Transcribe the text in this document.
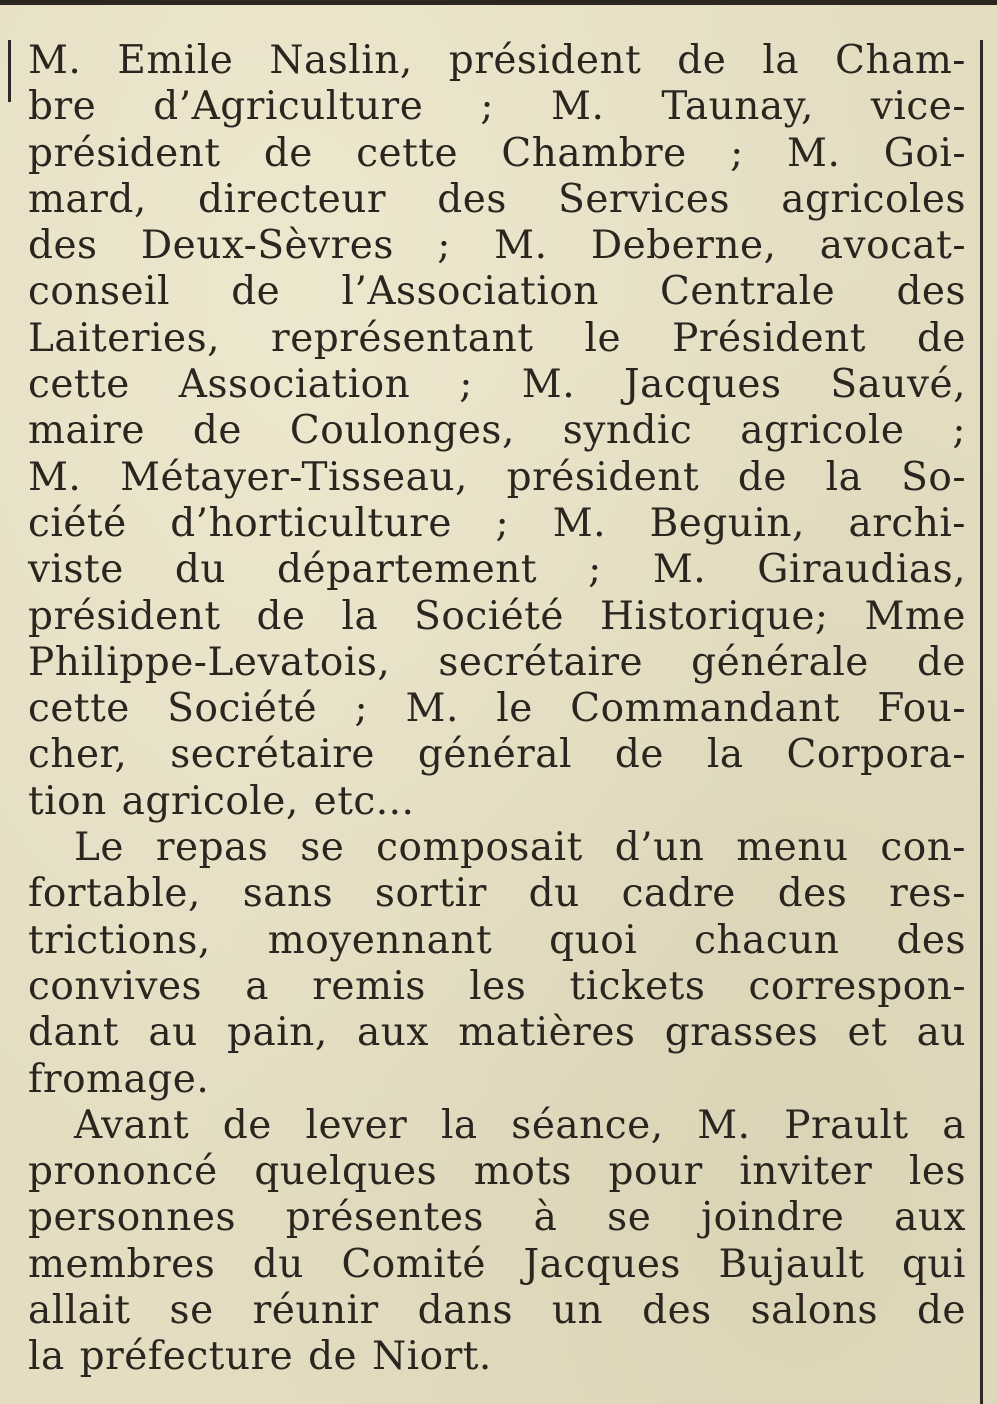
M. Emile Naslin, président de la Cham-
bre d’Agriculture ; M. Taunay, vice-
président de cette Chambre ; M. Goi-
mard, directeur des Services agricoles
des Deux-Sèvres ; M. Deberne, avocat-
conseil de l’Association Centrale des
Laiteries, représentant le Président de
cette Association ; M. Jacques Sauvé,
maire de Coulonges, syndic agricole ;
M. Métayer-Tisseau, président de la So-
ciété d’horticulture ; M. Beguin, archi-
viste du département ; M. Giraudias,
président de la Société Historique; Mme
Philippe-Levatois, secrétaire générale de
cette Société ; M. le Commandant Fou-
cher, secrétaire général de la Corpora-
tion agricole, etc...
Le repas se composait d’un menu con-
fortable, sans sortir du cadre des res-
trictions, moyennant quoi chacun des
convives a remis les tickets correspon-
dant au pain, aux matières grasses et au
fromage.
Avant de lever la séance, M. Prault a
prononcé quelques mots pour inviter les
personnes présentes à se joindre aux
membres du Comité Jacques Bujault qui
allait se réunir dans un des salons de
la préfecture de Niort.
